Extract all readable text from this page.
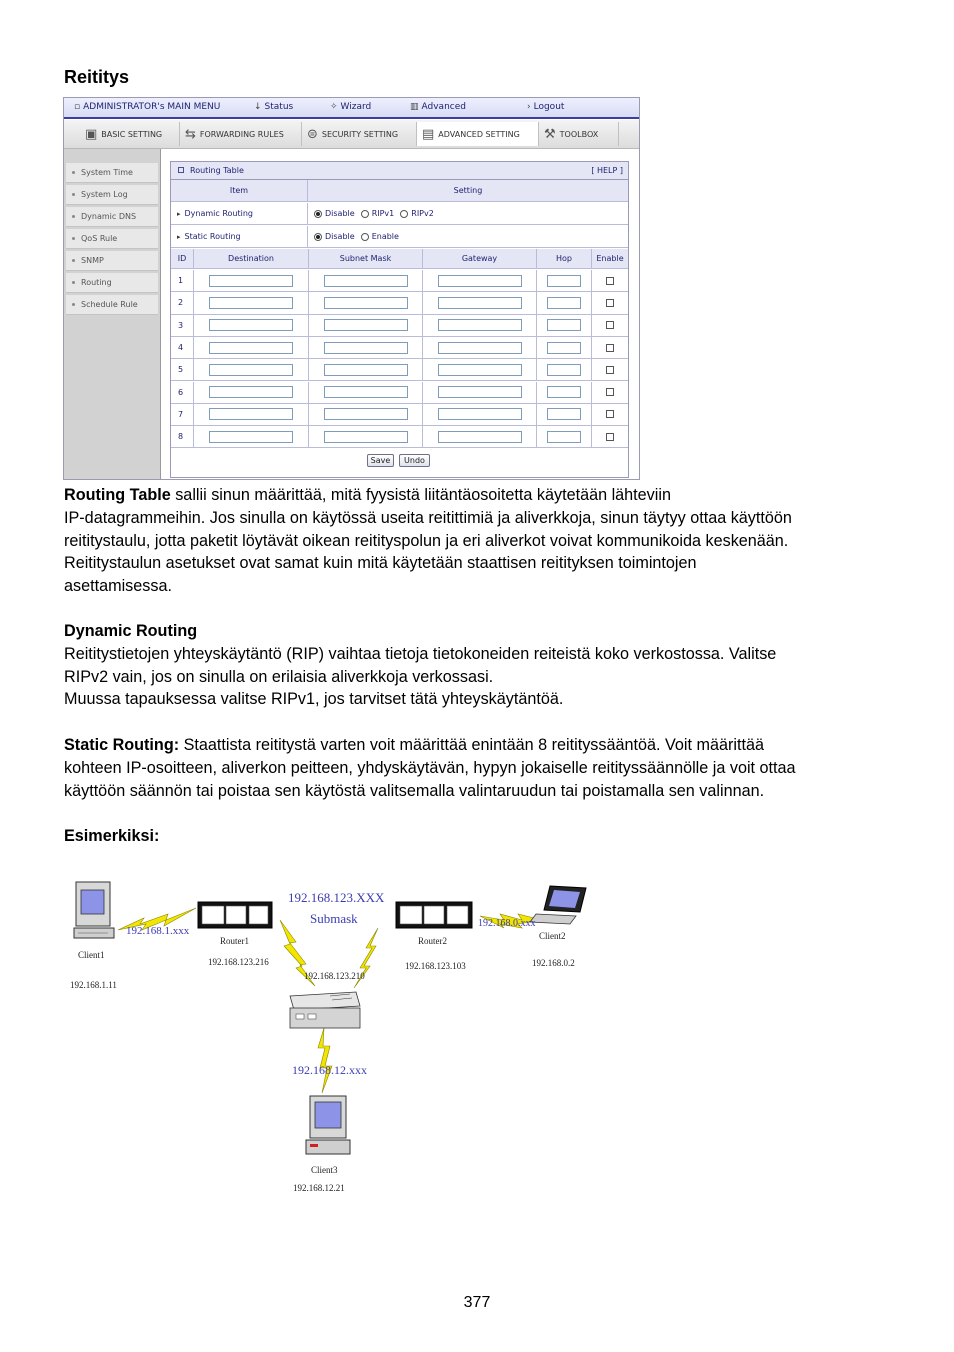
Reititys
▫ ADMINISTRATOR's MAIN MENU	↓ Status	✧ Wizard	▥ Advanced	› Logout
▣ BASIC SETTING ⇆ FORWARDING RULES ⊜ SECURITY SETTING ▤ ADVANCED SETTING ⚒ TOOLBOX
System Time
System Log
Dynamic DNS
QoS Rule
SNMP
Routing
Schedule Rule
Routing Table	[ HELP ]
Item	Setting
▸ Dynamic Routing	Disable RIPv1 RIPv2
▸ Static Routing	Disable Enable
ID	Destination	Subnet Mask	Gateway	Hop	Enable
1
2
3
4
5
6
7
8
Save	Undo
Routing Table sallii sinun määrittää, mitä fyysistä liitäntäosoitetta käytetään lähteviin
IP-datagrammeihin. Jos sinulla on käytössä useita reitittimiä ja aliverkkoja, sinun täytyy ottaa käyttöön
reititystaulu, jotta paketit löytävät oikean reitityspolun ja eri aliverkot voivat kommunikoida keskenään.
Reititystaulun asetukset ovat samat kuin mitä käytetään staattisen reitityksen toimintojen
asettamisessa.
Dynamic Routing
Reititystietojen yhteyskäytäntö (RIP) vaihtaa tietoja tietokoneiden reiteistä koko verkostossa. Valitse
RIPv2 vain, jos on sinulla on erilaisia aliverkkoja verkossasi.
Muussa tapauksessa valitse RIPv1, jos tarvitset tätä yhteyskäytäntöä.
Static Routing: Staattista reititystä varten voit määrittää enintään 8 reitityssääntöä. Voit määrittää
kohteen IP-osoitteen, aliverkon peitteen, yhdyskäytävän, hypyn jokaiselle reitityssäännölle ja voit ottaa
käyttöön säännön tai poistaa sen käytöstä valitsemalla valintaruudun tai poistamalla sen valinnan.
Esimerkiksi:
192.168.1.xxx
192.168.123.XXX
Submask	192.168.0.xxx
192.168.12.xxx
Client1
192.168.1.11
Router1
192.168.123.216
Router2
192.168.123.103
Client2
192.168.0.2
192.168.123.210
Client3
192.168.12.21
377
